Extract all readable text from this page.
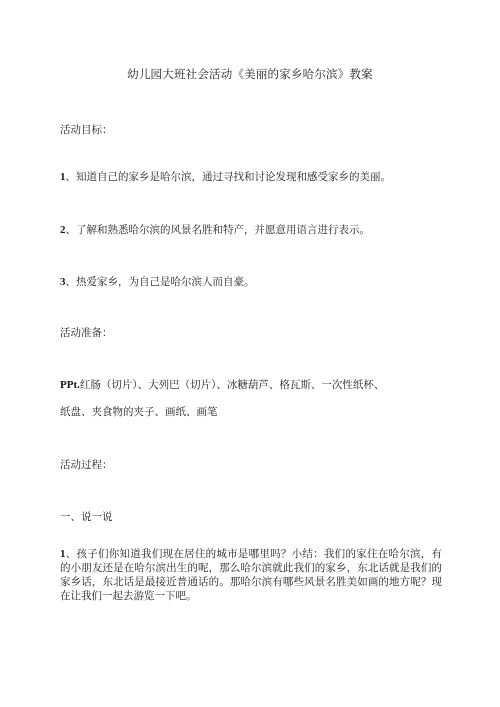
幼儿园大班社会活动《美丽的家乡哈尔滨》教案
活动目标：
1、知道自己的家乡是哈尔滨，通过寻找和讨论发现和感受家乡的美丽。
2、了解和熟悉哈尔滨的风景名胜和特产，并愿意用语言进行表示。
3、热爱家乡，为自己是哈尔滨人而自豪。
活动准备：
PPt.红肠（切片）、大列巴（切片）、冰糖葫芦、格瓦斯、一次性纸杯、
纸盘、夹食物的夹子、画纸、画笔
活动过程：
一、说一说
1、孩子们你知道我们现在居住的城市是哪里吗？小结：我们的家住在哈尔滨，有的小朋友还是在哈尔滨出生的呢，那么哈尔滨就此我们的家乡，东北话就是我们的家乡话，东北话是最接近普通话的。那哈尔滨有哪些风景名胜美如画的地方呢？现在让我们一起去游览一下吧。
